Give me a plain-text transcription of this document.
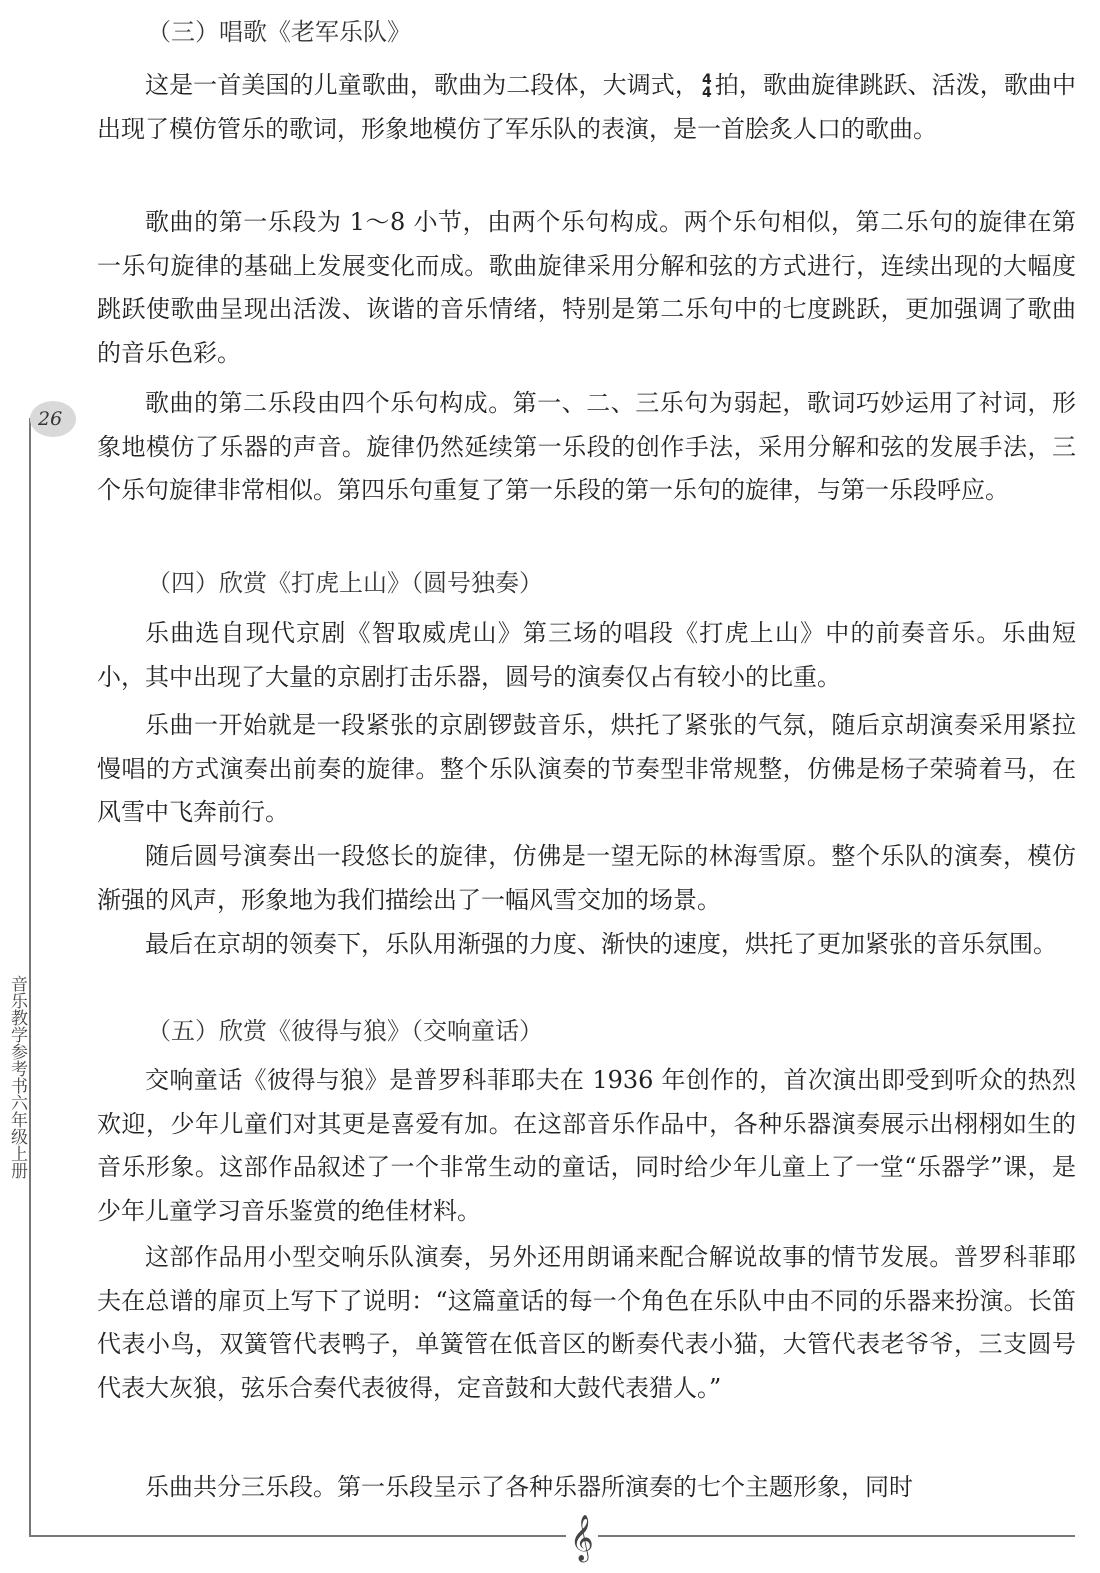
26
音乐教学参考书六年级上册
𝄞
（三）唱歌《老军乐队》

这是一首美国的儿童歌曲，歌曲为二段体，大调式， 4
4 拍，歌曲旋律跳跃、活泼，歌曲中出现了模仿管乐的歌词，形象地模仿了军乐队的表演，是一首脍炙人口的歌曲。

歌曲的第一乐段为 1～8 小节，由两个乐句构成。两个乐句相似，第二乐句的旋律在第一乐句旋律的基础上发展变化而成。歌曲旋律采用分解和弦的方式进行，连续出现的大幅度跳跃使歌曲呈现出活泼、诙谐的音乐情绪，特别是第二乐句中的七度跳跃，更加强调了歌曲的音乐色彩。

歌曲的第二乐段由四个乐句构成。第一、二、三乐句为弱起，歌词巧妙运用了衬词，形象地模仿了乐器的声音。旋律仍然延续第一乐段的创作手法，采用分解和弦的发展手法，三个乐句旋律非常相似。第四乐句重复了第一乐段的第一乐句的旋律，与第一乐段呼应。

（四）欣赏《打虎上山》（圆号独奏）

乐曲选自现代京剧《智取威虎山》第三场的唱段《打虎上山》中的前奏音乐。乐曲短小，其中出现了大量的京剧打击乐器，圆号的演奏仅占有较小的比重。

乐曲一开始就是一段紧张的京剧锣鼓音乐，烘托了紧张的气氛，随后京胡演奏采用紧拉慢唱的方式演奏出前奏的旋律。整个乐队演奏的节奏型非常规整，仿佛是杨子荣骑着马，在风雪中飞奔前行。

随后圆号演奏出一段悠长的旋律，仿佛是一望无际的林海雪原。整个乐队的演奏，模仿渐强的风声，形象地为我们描绘出了一幅风雪交加的场景。

最后在京胡的领奏下，乐队用渐强的力度、渐快的速度，烘托了更加紧张的音乐氛围。

（五）欣赏《彼得与狼》（交响童话）

交响童话《彼得与狼》是普罗科菲耶夫在 1936 年创作的，首次演出即受到听众的热烈欢迎，少年儿童们对其更是喜爱有加。在这部音乐作品中，各种乐器演奏展示出栩栩如生的音乐形象。这部作品叙述了一个非常生动的童话，同时给少年儿童上了一堂“乐器学”课，是少年儿童学习音乐鉴赏的绝佳材料。

这部作品用小型交响乐队演奏，另外还用朗诵来配合解说故事的情节发展。普罗科菲耶夫在总谱的扉页上写下了说明：“这篇童话的每一个角色在乐队中由不同的乐器来扮演。长笛代表小鸟，双簧管代表鸭子，单簧管在低音区的断奏代表小猫，大管代表老爷爷，三支圆号代表大灰狼，弦乐合奏代表彼得，定音鼓和大鼓代表猎人。”

乐曲共分三乐段。第一乐段呈示了各种乐器所演奏的七个主题形象，同时
